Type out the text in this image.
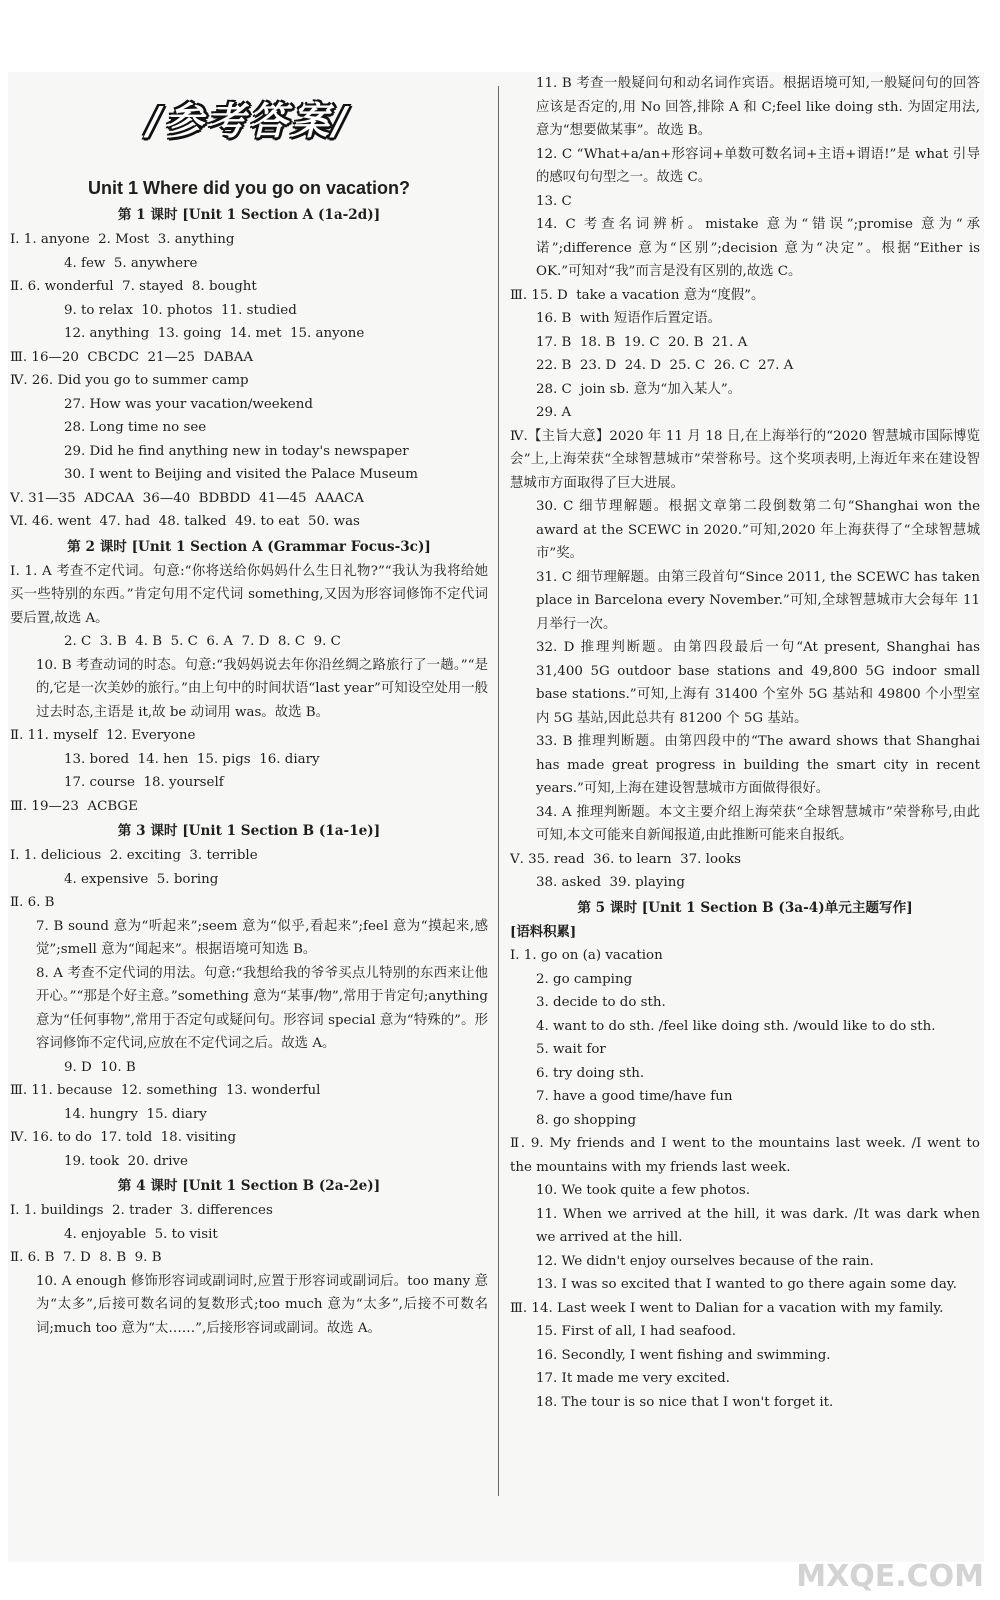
/参考答案/
Unit 1 Where did you go on vacation?
第 1 课时 [Unit 1 Section A (1a-2d)]
Ⅰ. 1. anyone  2. Most  3. anything
4. few  5. anywhere
Ⅱ. 6. wonderful  7. stayed  8. bought
9. to relax  10. photos  11. studied
12. anything  13. going  14. met  15. anyone
Ⅲ. 16—20  CBCDC  21—25  DABAA
Ⅳ. 26. Did you go to summer camp
27. How was your vacation/weekend
28. Long time no see
29. Did he find anything new in today's newspaper
30. I went to Beijing and visited the Palace Museum
Ⅴ. 31—35  ADCAA  36—40  BDBDD  41—45  AAACA
Ⅵ. 46. went  47. had  48. talked  49. to eat  50. was
第 2 课时 [Unit 1 Section A (Grammar Focus-3c)]
Ⅰ. 1. A 考查不定代词。句意:“你将送给你妈妈什么生日礼物?”“我认为我将给她买一些特别的东西。”肯定句用不定代词 something,又因为形容词修饰不定代词要后置,故选 A。
2. C  3. B  4. B  5. C  6. A  7. D  8. C  9. C
10. B 考查动词的时态。句意:“我妈妈说去年你沿丝绸之路旅行了一趟。”“是的,它是一次美妙的旅行。”由上句中的时间状语“last year”可知设空处用一般过去时态,主语是 it,故 be 动词用 was。故选 B。
Ⅱ. 11. myself  12. Everyone
13. bored  14. hen  15. pigs  16. diary
17. course  18. yourself
Ⅲ. 19—23  ACBGE
第 3 课时 [Unit 1 Section B (1a-1e)]
Ⅰ. 1. delicious  2. exciting  3. terrible
4. expensive  5. boring
Ⅱ. 6. B
7. B sound 意为“听起来”;seem 意为“似乎,看起来”;feel 意为“摸起来,感觉”;smell 意为“闻起来”。根据语境可知选 B。
8. A 考查不定代词的用法。句意:“我想给我的爷爷买点儿特别的东西来让他开心。”“那是个好主意。”something 意为“某事/物”,常用于肯定句;anything 意为“任何事物”,常用于否定句或疑问句。形容词 special 意为“特殊的”。形容词修饰不定代词,应放在不定代词之后。故选 A。
9. D  10. B
Ⅲ. 11. because  12. something  13. wonderful
14. hungry  15. diary
Ⅳ. 16. to do  17. told  18. visiting
19. took  20. drive
第 4 课时 [Unit 1 Section B (2a-2e)]
Ⅰ. 1. buildings  2. trader  3. differences
4. enjoyable  5. to visit
Ⅱ. 6. B  7. D  8. B  9. B
10. A enough 修饰形容词或副词时,应置于形容词或副词后。too many 意为“太多”,后接可数名词的复数形式;too much 意为“太多”,后接不可数名词;much too 意为“太……”,后接形容词或副词。故选 A。
11. B 考查一般疑问句和动名词作宾语。根据语境可知,一般疑问句的回答应该是否定的,用 No 回答,排除 A 和 C;feel like doing sth. 为固定用法,意为“想要做某事”。故选 B。
12. C “What+a/an+形容词+单数可数名词+主语+谓语!”是 what 引导的感叹句句型之一。故选 C。
13. C
14. C 考查名词辨析。mistake 意为“错误”;promise 意为“承诺”;difference 意为“区别”;decision 意为“决定”。根据“Either is OK.”可知对“我”而言是没有区别的,故选 C。
Ⅲ. 15. D  take a vacation 意为“度假”。
16. B  with 短语作后置定语。
17. B  18. B  19. C  20. B  21. A
22. B  23. D  24. D  25. C  26. C  27. A
28. C  join sb. 意为“加入某人”。
29. A
Ⅳ.【主旨大意】2020 年 11 月 18 日,在上海举行的“2020 智慧城市国际博览会”上,上海荣获“全球智慧城市”荣誉称号。这个奖项表明,上海近年来在建设智慧城市方面取得了巨大进展。
30. C 细节理解题。根据文章第二段倒数第二句“Shanghai won the award at the SCEWC in 2020.”可知,2020 年上海获得了“全球智慧城市”奖。
31. C 细节理解题。由第三段首句“Since 2011, the SCEWC has taken place in Barcelona every November.”可知,全球智慧城市大会每年 11 月举行一次。
32. D 推理判断题。由第四段最后一句“At present, Shanghai has 31,400 5G outdoor base stations and 49,800 5G indoor small base stations.”可知,上海有 31400 个室外 5G 基站和 49800 个小型室内 5G 基站,因此总共有 81200 个 5G 基站。
33. B 推理判断题。由第四段中的“The award shows that Shanghai has made great progress in building the smart city in recent years.”可知,上海在建设智慧城市方面做得很好。
34. A 推理判断题。本文主要介绍上海荣获“全球智慧城市”荣誉称号,由此可知,本文可能来自新闻报道,由此推断可能来自报纸。
Ⅴ. 35. read  36. to learn  37. looks
38. asked  39. playing
第 5 课时 [Unit 1 Section B (3a-4)单元主题写作]
[语料积累]
Ⅰ. 1. go on (a) vacation
2. go camping
3. decide to do sth.
4. want to do sth. /feel like doing sth. /would like to do sth.
5. wait for
6. try doing sth.
7. have a good time/have fun
8. go shopping
Ⅱ. 9. My friends and I went to the mountains last week. /I went to the mountains with my friends last week.
10. We took quite a few photos.
11. When we arrived at the hill, it was dark. /It was dark when we arrived at the hill.
12. We didn't enjoy ourselves because of the rain.
13. I was so excited that I wanted to go there again some day.
Ⅲ. 14. Last week I went to Dalian for a vacation with my family.
15. First of all, I had seafood.
16. Secondly, I went fishing and swimming.
17. It made me very excited.
18. The tour is so nice that I won't forget it.
MXQE.COM
